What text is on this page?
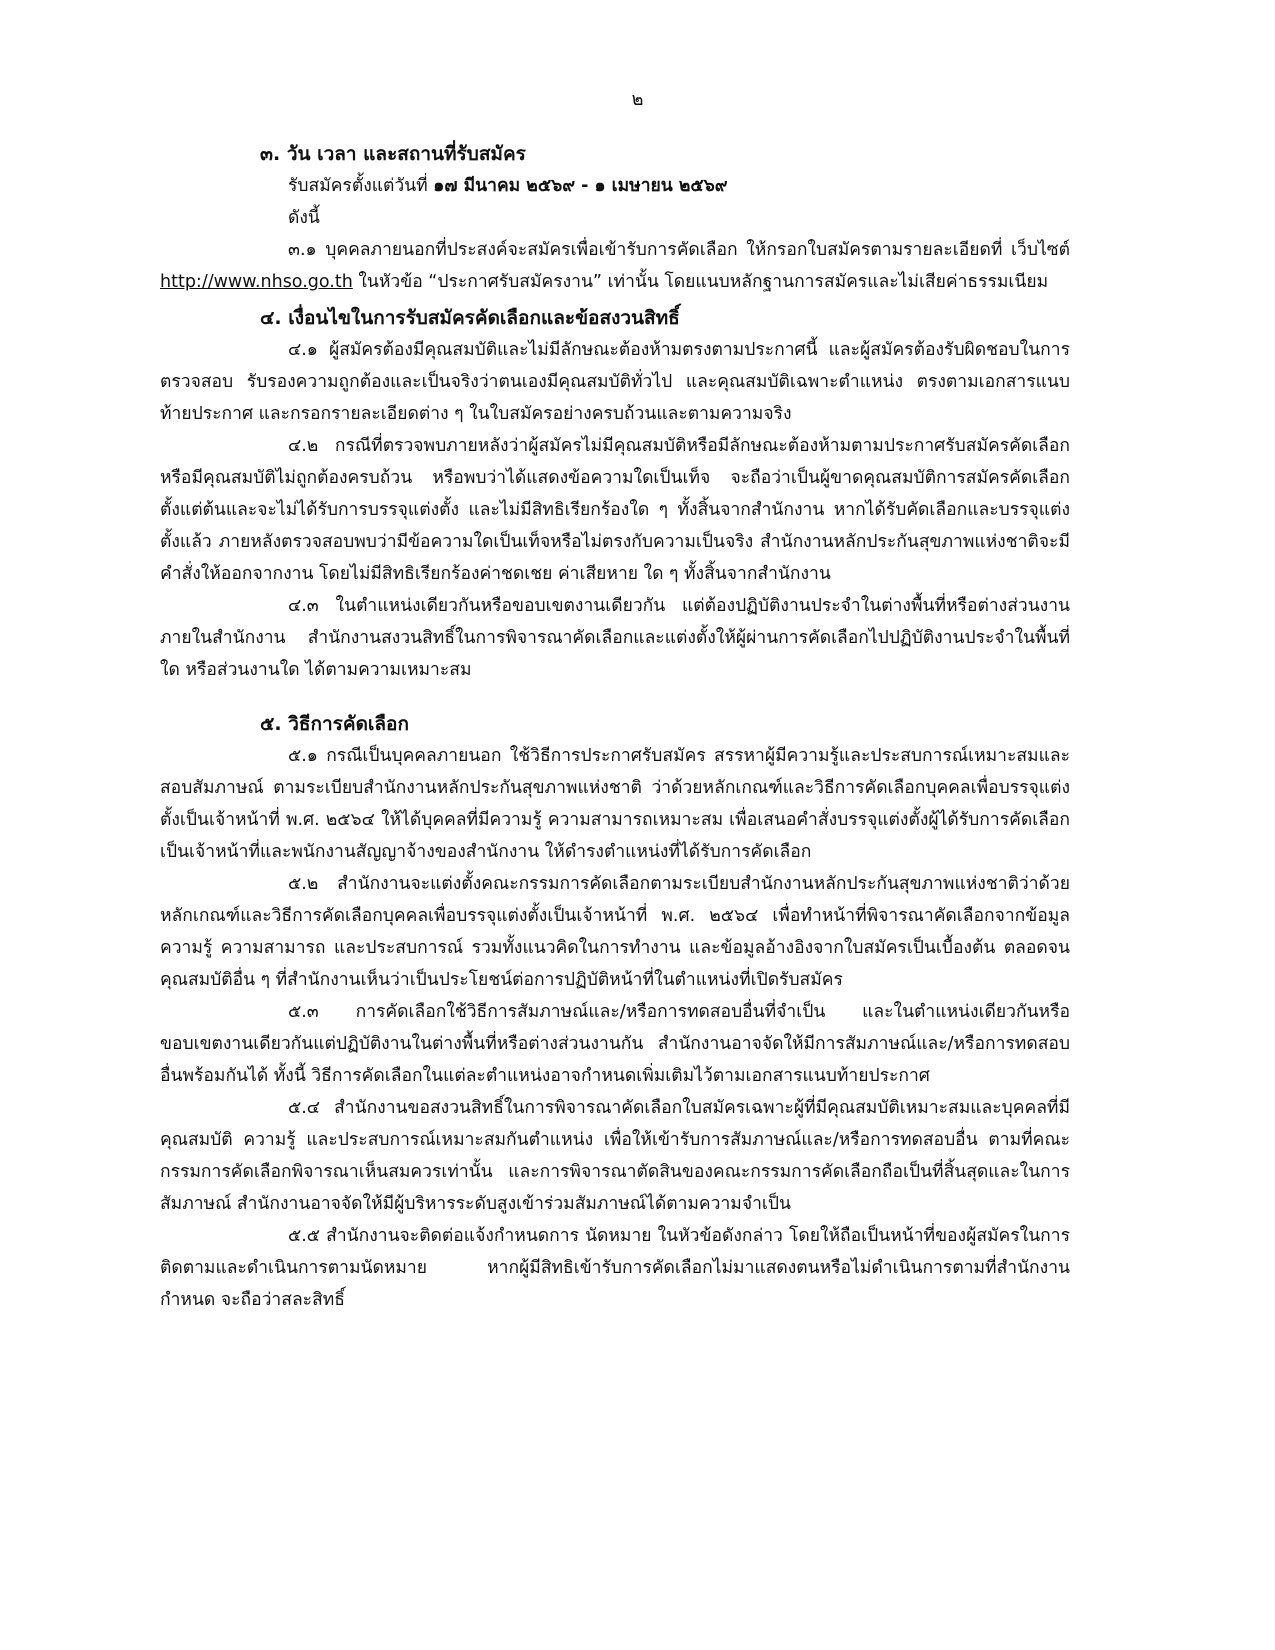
๒

๓. วัน เวลา และสถานที่รับสมัคร

รับสมัครตั้งแต่วันที่ ๑๗ มีนาคม ๒๕๖๙ - ๑ เมษายน ๒๕๖๙

ดังนี้

๓.๑ บุคคลภายนอกที่ประสงค์จะสมัครเพื่อเข้ารับการคัดเลือก ให้กรอกใบสมัครตามรายละเอียดที่ เว็บไซต์ http://www.nhso.go.th ในหัวข้อ “ประกาศรับสมัครงาน” เท่านั้น โดยแนบหลักฐานการสมัครและไม่เสียค่าธรรมเนียม

๔. เงื่อนไขในการรับสมัครคัดเลือกและข้อสงวนสิทธิ์

๔.๑ ผู้สมัครต้องมีคุณสมบัติและไม่มีลักษณะต้องห้ามตรงตามประกาศนี้ และผู้สมัครต้องรับผิดชอบในการตรวจสอบ รับรองความถูกต้องและเป็นจริงว่าตนเองมีคุณสมบัติทั่วไป และคุณสมบัติเฉพาะตำแหน่ง ตรงตามเอกสารแนบท้ายประกาศ และกรอกรายละเอียดต่าง ๆ ในใบสมัครอย่างครบถ้วนและตามความจริง

๔.๒ กรณีที่ตรวจพบภายหลังว่าผู้สมัครไม่มีคุณสมบัติหรือมีลักษณะต้องห้ามตามประกาศรับสมัครคัดเลือก หรือมีคุณสมบัติไม่ถูกต้องครบถ้วน หรือพบว่าได้แสดงข้อความใดเป็นเท็จ จะถือว่าเป็นผู้ขาดคุณสมบัติการสมัครคัดเลือกตั้งแต่ต้นและจะไม่ได้รับการบรรจุแต่งตั้ง และไม่มีสิทธิเรียกร้องใด ๆ ทั้งสิ้นจากสำนักงาน หากได้รับคัดเลือกและบรรจุแต่งตั้งแล้ว ภายหลังตรวจสอบพบว่ามีข้อความใดเป็นเท็จหรือไม่ตรงกับความเป็นจริง สำนักงานหลักประกันสุขภาพแห่งชาติจะมีคำสั่งให้ออกจากงาน โดยไม่มีสิทธิเรียกร้องค่าชดเชย ค่าเสียหาย ใด ๆ ทั้งสิ้นจากสำนักงาน

๔.๓ ในตำแหน่งเดียวกันหรือขอบเขตงานเดียวกัน แต่ต้องปฏิบัติงานประจำในต่างพื้นที่หรือต่างส่วนงานภายในสำนักงาน สำนักงานสงวนสิทธิ์ในการพิจารณาคัดเลือกและแต่งตั้งให้ผู้ผ่านการคัดเลือกไปปฏิบัติงานประจำในพื้นที่ใด หรือส่วนงานใด ได้ตามความเหมาะสม

๕. วิธีการคัดเลือก

๕.๑ กรณีเป็นบุคคลภายนอก ใช้วิธีการประกาศรับสมัคร สรรหาผู้มีความรู้และประสบการณ์เหมาะสมและสอบสัมภาษณ์ ตามระเบียบสำนักงานหลักประกันสุขภาพแห่งชาติ ว่าด้วยหลักเกณฑ์และวิธีการคัดเลือกบุคคลเพื่อบรรจุแต่งตั้งเป็นเจ้าหน้าที่ พ.ศ. ๒๕๖๔ ให้ได้บุคคลที่มีความรู้ ความสามารถเหมาะสม เพื่อเสนอคำสั่งบรรจุแต่งตั้งผู้ได้รับการคัดเลือกเป็นเจ้าหน้าที่และพนักงานสัญญาจ้างของสำนักงาน ให้ดำรงตำแหน่งที่ได้รับการคัดเลือก

๕.๒ สำนักงานจะแต่งตั้งคณะกรรมการคัดเลือกตามระเบียบสำนักงานหลักประกันสุขภาพแห่งชาติว่าด้วยหลักเกณฑ์และวิธีการคัดเลือกบุคคลเพื่อบรรจุแต่งตั้งเป็นเจ้าหน้าที่ พ.ศ. ๒๕๖๔ เพื่อทำหน้าที่พิจารณาคัดเลือกจากข้อมูล ความรู้ ความสามารถ และประสบการณ์ รวมทั้งแนวคิดในการทำงาน และข้อมูลอ้างอิงจากใบสมัครเป็นเบื้องต้น ตลอดจนคุณสมบัติอื่น ๆ ที่สำนักงานเห็นว่าเป็นประโยชน์ต่อการปฏิบัติหน้าที่ในตำแหน่งที่เปิดรับสมัคร

๕.๓ การคัดเลือกใช้วิธีการสัมภาษณ์และ/หรือการทดสอบอื่นที่จำเป็น และในตำแหน่งเดียวกันหรือขอบเขตงานเดียวกันแต่ปฏิบัติงานในต่างพื้นที่หรือต่างส่วนงานกัน สำนักงานอาจจัดให้มีการสัมภาษณ์และ/หรือการทดสอบอื่นพร้อมกันได้ ทั้งนี้ วิธีการคัดเลือกในแต่ละตำแหน่งอาจกำหนดเพิ่มเติมไว้ตามเอกสารแนบท้ายประกาศ

๕.๔ สำนักงานขอสงวนสิทธิ์ในการพิจารณาคัดเลือกใบสมัครเฉพาะผู้ที่มีคุณสมบัติเหมาะสมและบุคคลที่มีคุณสมบัติ ความรู้ และประสบการณ์เหมาะสมกันตำแหน่ง เพื่อให้เข้ารับการสัมภาษณ์และ/หรือการทดสอบอื่น ตามที่คณะกรรมการคัดเลือกพิจารณาเห็นสมควรเท่านั้น และการพิจารณาตัดสินของคณะกรรมการคัดเลือกถือเป็นที่สิ้นสุดและในการสัมภาษณ์ สำนักงานอาจจัดให้มีผู้บริหารระดับสูงเข้าร่วมสัมภาษณ์ได้ตามความจำเป็น

๕.๕ สำนักงานจะติดต่อแจ้งกำหนดการ นัดหมาย ในหัวข้อดังกล่าว โดยให้ถือเป็นหน้าที่ของผู้สมัครในการติดตามและดำเนินการตามนัดหมาย หากผู้มีสิทธิเข้ารับการคัดเลือกไม่มาแสดงตนหรือไม่ดำเนินการตามที่สำนักงานกำหนด จะถือว่าสละสิทธิ์
